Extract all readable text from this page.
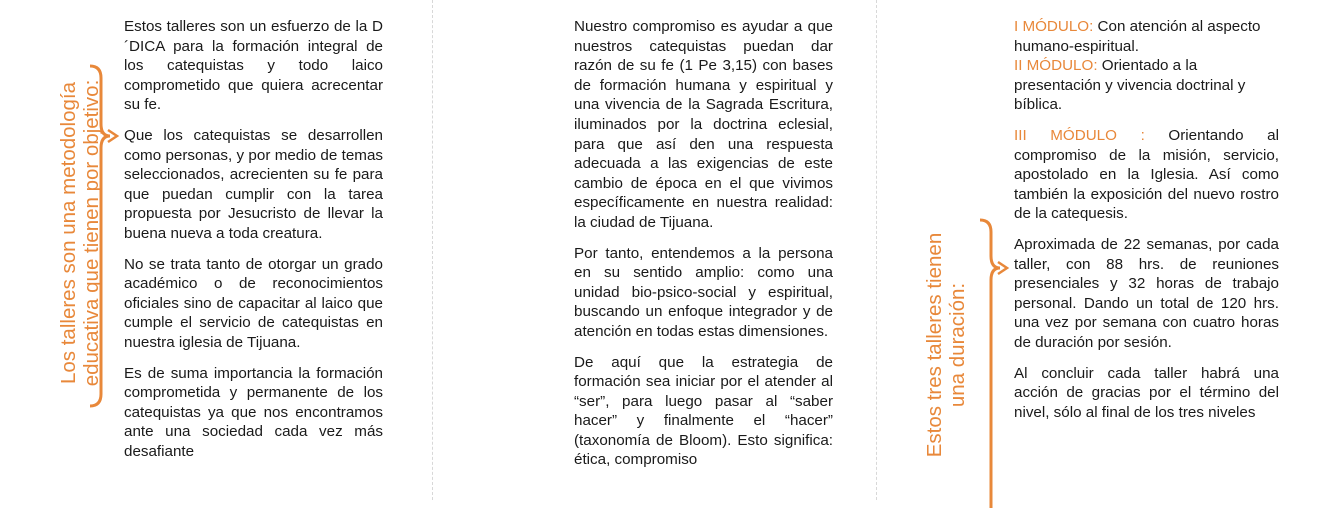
Los talleres son una metodología educativa que tienen por objetivo:

Estos talleres son un esfuerzo de la D´DICA para la formación integral de los catequistas y todo laico comprometido que quiera acrecentar su fe.

Que los catequistas se desarrollen como personas, y por medio de temas seleccionados, acrecienten su fe para que puedan cumplir con la tarea propuesta por Jesucristo de llevar la buena nueva a toda creatura.

No se trata tanto de otorgar un grado académico o de reconocimientos oficiales sino de capacitar al laico que cumple el servicio de catequistas en nuestra iglesia de Tijuana.

Es de suma importancia la formación comprometida y permanente de los catequistas ya que nos encontramos ante una sociedad cada vez más desafiante

Nuestro compromiso es ayudar a que nuestros catequistas puedan dar razón de su fe (1 Pe 3,15) con bases de formación humana y espiritual y una vivencia de la Sagrada Escritura, iluminados por la doctrina eclesial, para que así den una respuesta adecuada a las exigencias de este cambio de época en el que vivimos específicamente en nuestra realidad: la ciudad de Tijuana.

Por tanto, entendemos a la persona en su sentido amplio: como una unidad bio-psico-social y espiritual, buscando un enfoque integrador y de atención en todas estas dimensiones.

De aquí que la estrategia de formación sea iniciar por el atender al “ser”, para luego pasar al “saber hacer” y finalmente el “hacer” (taxonomía de Bloom). Esto significa: ética, compromiso

Estos tres talleres tienen una duración:

I MÓDULO: Con atención al aspecto humano-espiritual.
II MÓDULO: Orientado a la presentación y vivencia doctrinal y bíblica.

III MÓDULO : Orientando al compromiso de la misión, servicio, apostolado en la Iglesia. Así como también la exposición del nuevo rostro de la catequesis.

Aproximada de 22 semanas, por cada taller, con 88 hrs. de reuniones presenciales y 32 horas de trabajo personal. Dando un total de 120 hrs. una vez por semana con cuatro horas de duración por sesión.

Al concluir cada taller habrá una acción de gracias por el término del nivel, sólo al final de los tres niveles
